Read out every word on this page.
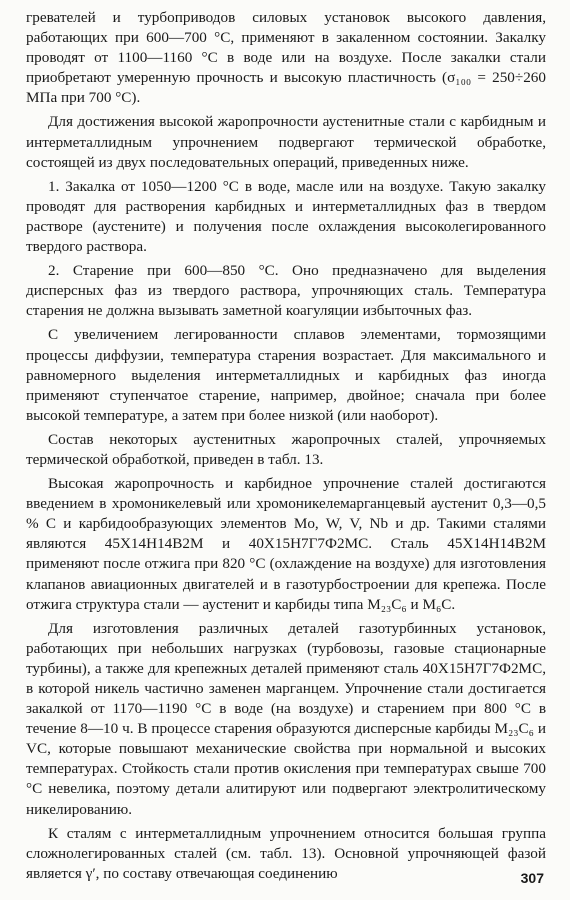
гревателей и турбоприводов силовых установок высокого давления, работающих при 600—700 °С, применяют в закаленном состоянии. Закалку проводят от 1100—1160 °С в воде или на воздухе. После закалки стали приобретают умеренную прочность и высокую пластичность (σ₁₀₀ = 250÷260 МПа при 700 °С).

Для достижения высокой жаропрочности аустенитные стали с карбидным и интерметаллидным упрочнением подвергают термической обработке, состоящей из двух последовательных операций, приведенных ниже.

1. Закалка от 1050—1200 °С в воде, масле или на воздухе. Такую закалку проводят для растворения карбидных и интерметаллидных фаз в твердом растворе (аустените) и получения после охлаждения высоколегированного твердого раствора.

2. Старение при 600—850 °С. Оно предназначено для выделения дисперсных фаз из твердого раствора, упрочняющих сталь. Температура старения не должна вызывать заметной коагуляции избыточных фаз.

С увеличением легированности сплавов элементами, тормозящими процессы диффузии, температура старения возрастает. Для максимального и равномерного выделения интерметаллидных и карбидных фаз иногда применяют ступенчатое старение, например, двойное; сначала при более высокой температуре, а затем при более низкой (или наоборот).

Состав некоторых аустенитных жаропрочных сталей, упрочняемых термической обработкой, приведен в табл. 13.

Высокая жаропрочность и карбидное упрочнение сталей достигаются введением в хромоникелевый или хромоникелемарганцевый аустенит 0,3—0,5 % С и карбидообразующих элементов Mo, W, V, Nb и др. Такими сталями являются 45Х14Н14В2М и 40Х15Н7Г7Ф2МС. Сталь 45Х14Н14В2М применяют после отжига при 820 °С (охлаждение на воздухе) для изготовления клапанов авиационных двигателей и в газотурбостроении для крепежа. После отжига структура стали — аустенит и карбиды типа М₂₃С₆ и М₆С.

Для изготовления различных деталей газотурбинных установок, работающих при небольших нагрузках (турбовозы, газовые стационарные турбины), а также для крепежных деталей применяют сталь 40Х15Н7Г7Ф2МС, в которой никель частично заменен марганцем. Упрочнение стали достигается закалкой от 1170—1190 °С в воде (на воздухе) и старением при 800 °С в течение 8—10 ч. В процессе старения образуются дисперсные карбиды М₂₃С₆ и VC, которые повышают механические свойства при нормальной и высоких температурах. Стойкость стали против окисления при температурах свыше 700 °С невелика, поэтому детали алитируют или подвергают электролитическому никелированию.

К сталям с интерметаллидным упрочнением относится большая группа сложнолегированных сталей (см. табл. 13). Основной упрочняющей фазой является γ′, по составу отвечающая соединению	307
